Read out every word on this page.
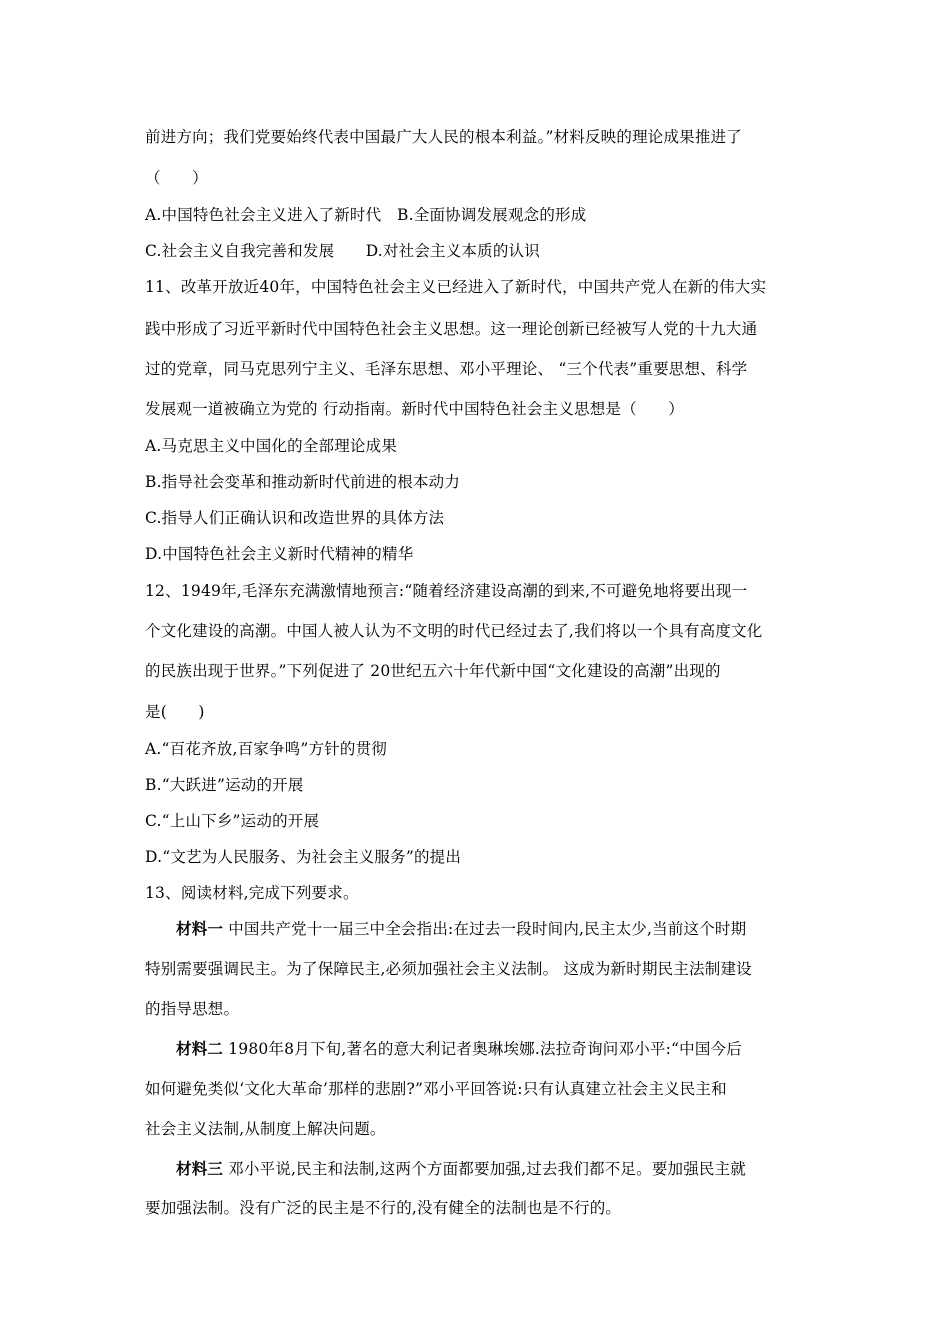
前进方向；我们党要始终代表中国最广大人民的根本利益。”材料反映的理论成果推进了
（　　）
A.中国特色社会主义进入了新时代　B.全面协调发展观念的形成
C.社会主义自我完善和发展　　D.对社会主义本质的认识
11、改革开放近40年，中国特色社会主义已经进入了新时代，中国共产党人在新的伟大实
践中形成了习近平新时代中国特色社会主义思想。这一理论创新已经被写人党的十九大通
过的党章，同马克思列宁主义、毛泽东思想、邓小平理论、 “三个代表”重要思想、科学
发展观一道被确立为党的 行动指南。新时代中国特色社会主义思想是（　　）
A.马克思主义中国化的全部理论成果
B.指导社会变革和推动新时代前进的根本动力
C.指导人们正确认识和改造世界的具体方法
D.中国特色社会主义新时代精神的精华
12、1949年,毛泽东充满激情地预言:“随着经济建设高潮的到来,不可避免地将要出现一
个文化建设的高潮。中国人被人认为不文明的时代已经过去了,我们将以一个具有高度文化
的民族出现于世界。”下列促进了 20世纪五六十年代新中国“文化建设的高潮”出现的
是(　　)
A.“百花齐放,百家争鸣”方针的贯彻
B.“大跃进”运动的开展
C.“上山下乡”运动的开展
D.“文艺为人民服务、为社会主义服务”的提出
13、阅读材料,完成下列要求。
材料一 中国共产党十一届三中全会指出:在过去一段时间内,民主太少,当前这个时期
特别需要强调民主。为了保障民主,必须加强社会主义法制。 这成为新时期民主法制建设
的指导思想。
材料二 1980年8月下旬,著名的意大利记者奥琳埃娜.法拉奇询问邓小平:“中国今后
如何避免类似‘文化大革命’那样的悲剧?”邓小平回答说:只有认真建立社会主义民主和
社会主义法制,从制度上解决问题。
材料三 邓小平说,民主和法制,这两个方面都要加强,过去我们都不足。要加强民主就
要加强法制。没有广泛的民主是不行的,没有健全的法制也是不行的。
